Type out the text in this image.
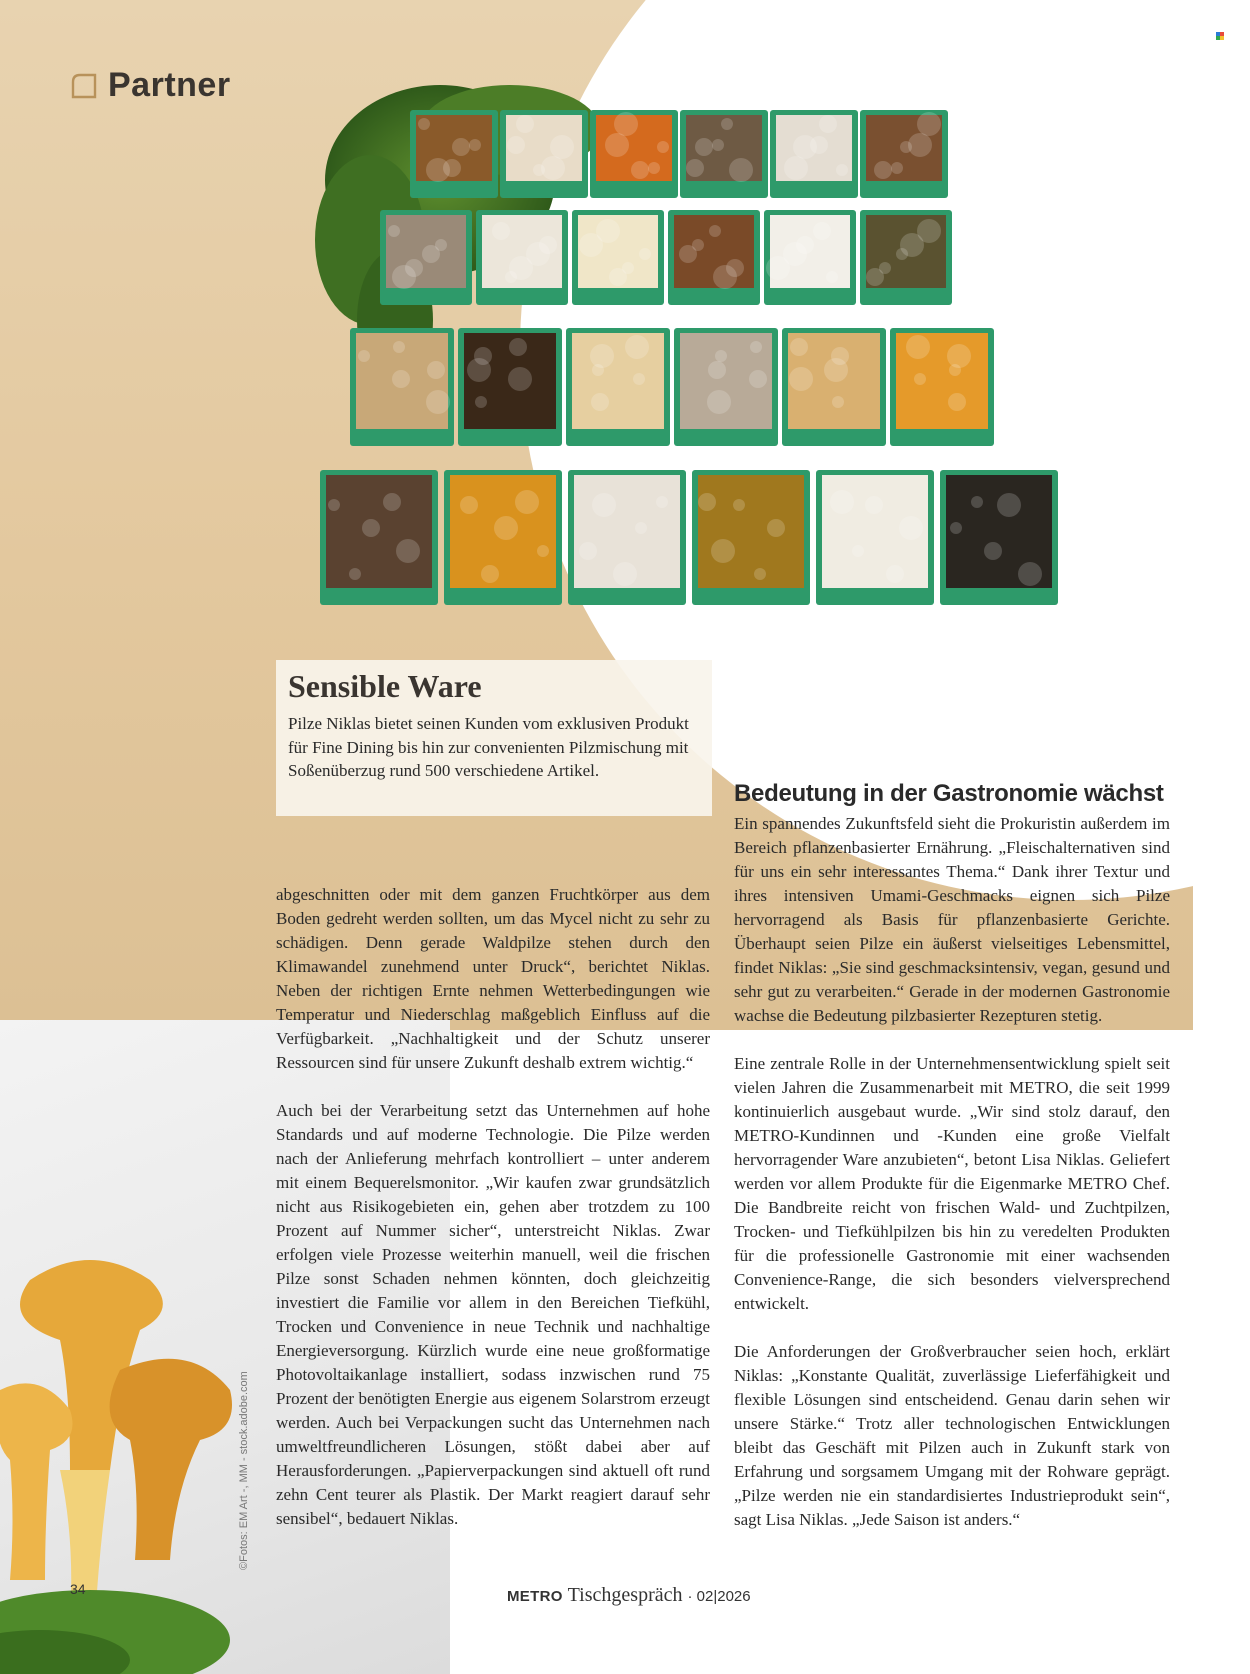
Partner
Sensible Ware

Pilze Niklas bietet seinen Kunden vom exklusiven Produkt für Fine Dining bis hin zur convenienten Pilzmischung mit Soßenüberzug rund 500 verschiedene Artikel.

abgeschnitten oder mit dem ganzen Fruchtkörper aus dem Boden gedreht werden sollten, um das Mycel nicht zu sehr zu schädigen. Denn gerade Waldpilze stehen durch den Klimawandel zunehmend unter Druck“, berichtet Niklas. Neben der richtigen Ernte nehmen Wetterbedingungen wie Temperatur und Niederschlag maßgeblich Einfluss auf die Verfügbarkeit. „Nachhaltigkeit und der Schutz unserer Ressourcen sind für unsere Zukunft deshalb extrem wichtig.“

Auch bei der Verarbeitung setzt das Unternehmen auf hohe Standards und auf moderne Technologie. Die Pilze werden nach der Anlieferung mehrfach kontrolliert – unter anderem mit einem Bequerelsmonitor. „Wir kaufen zwar grundsätzlich nicht aus Risikogebieten ein, gehen aber trotzdem zu 100 Prozent auf Nummer sicher“, unterstreicht Niklas. Zwar erfolgen viele Prozesse weiterhin manuell, weil die frischen Pilze sonst Schaden nehmen könnten, doch gleichzeitig investiert die Familie vor allem in den Bereichen Tiefkühl, Trocken und Convenience in neue Technik und nachhaltige Energieversorgung. Kürzlich wurde eine neue großformatige Photovoltaikanlage installiert, sodass inzwischen rund 75 Prozent der benötigten Energie aus eigenem Solarstrom erzeugt werden. Auch bei Verpackungen sucht das Unternehmen nach umweltfreundlicheren Lösungen, stößt dabei aber auf Herausforderungen. „Papierverpackungen sind aktuell oft rund zehn Cent teurer als Plastik. Der Markt reagiert darauf sehr sensibel“, bedauert Niklas.

Bedeutung in der Gastronomie wächst

Ein spannendes Zukunftsfeld sieht die Prokuristin außerdem im Bereich pflanzenbasierter Ernährung. „Fleischalternativen sind für uns ein sehr interessantes Thema.“ Dank ihrer Textur und ihres intensiven Umami-Geschmacks eignen sich Pilze hervorragend als Basis für pflanzenbasierte Gerichte. Überhaupt seien Pilze ein äußerst vielseitiges Lebensmittel, findet Niklas: „Sie sind geschmacksintensiv, vegan, gesund und sehr gut zu verarbeiten.“ Gerade in der modernen Gastronomie wachse die Bedeutung pilzbasierter Rezepturen stetig.

Eine zentrale Rolle in der Unternehmensentwicklung spielt seit vielen Jahren die Zusammenarbeit mit METRO, die seit 1999 kontinuierlich ausgebaut wurde. „Wir sind stolz darauf, den METRO-Kundinnen und -Kunden eine große Vielfalt hervorragender Ware anzubieten“, betont Lisa Niklas. Geliefert werden vor allem Produkte für die Eigenmarke METRO Chef. Die Bandbreite reicht von frischen Wald- und Zuchtpilzen, Trocken- und Tiefkühlpilzen bis hin zu veredelten Produkten für die professionelle Gastronomie mit einer wachsenden Convenience-Range, die sich besonders vielversprechend entwickelt.

Die Anforderungen der Großverbraucher seien hoch, erklärt Niklas: „Konstante Qualität, zuverlässige Lieferfähigkeit und flexible Lösungen sind entscheidend. Genau darin sehen wir unsere Stärke.“ Trotz aller technologischen Entwicklungen bleibt das Geschäft mit Pilzen auch in Zukunft stark von Erfahrung und sorgsamem Umgang mit der Rohware geprägt. „Pilze werden nie ein standardisiertes Industrieprodukt sein“, sagt Lisa Niklas. „Jede Saison ist anders.“

©Fotos: EM Art -, MM - stock.adobe.com
34	METRO Tischgespräch · 02|2026
